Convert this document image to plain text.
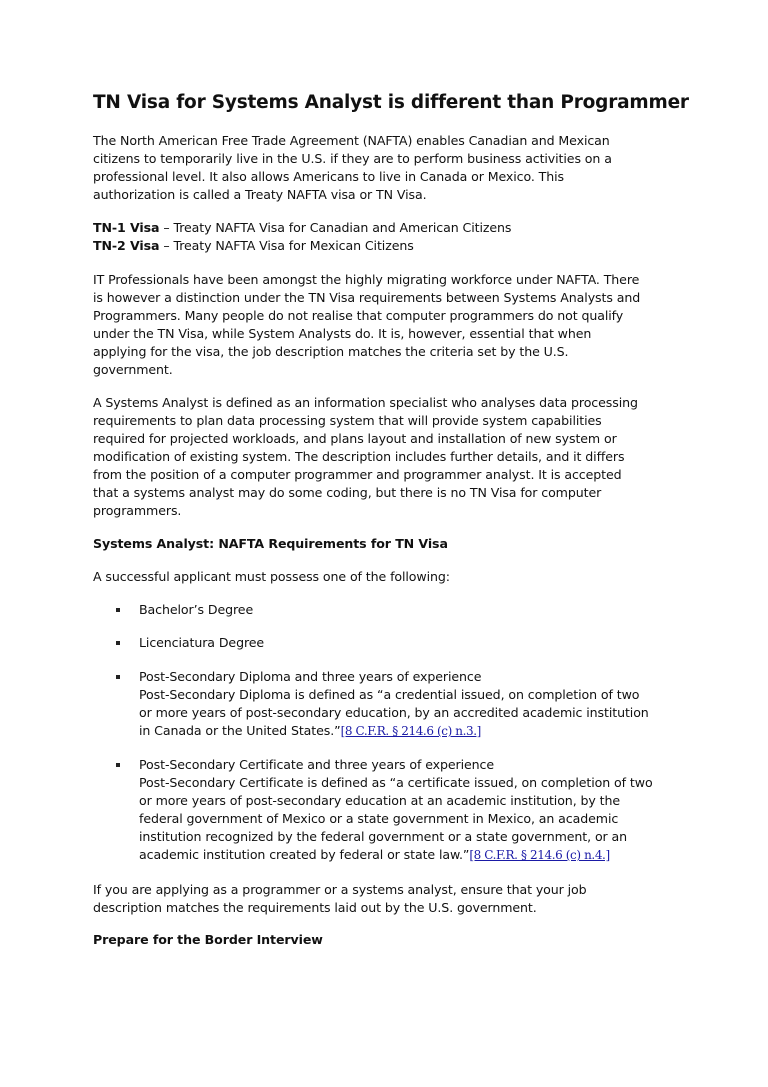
TN Visa for Systems Analyst is different than Programmer
The North American Free Trade Agreement (NAFTA) enables Canadian and Mexican
citizens to temporarily live in the U.S. if they are to perform business activities on a
professional level. It also allows Americans to live in Canada or Mexico. This
authorization is called a Treaty NAFTA visa or TN Visa.
TN-1 Visa – Treaty NAFTA Visa for Canadian and American Citizens
TN-2 Visa – Treaty NAFTA Visa for Mexican Citizens
IT Professionals have been amongst the highly migrating workforce under NAFTA. There
is however a distinction under the TN Visa requirements between Systems Analysts and
Programmers. Many people do not realise that computer programmers do not qualify
under the TN Visa, while System Analysts do. It is, however, essential that when
applying for the visa, the job description matches the criteria set by the U.S.
government.
A Systems Analyst is defined as an information specialist who analyses data processing
requirements to plan data processing system that will provide system capabilities
required for projected workloads, and plans layout and installation of new system or
modification of existing system. The description includes further details, and it differs
from the position of a computer programmer and programmer analyst. It is accepted
that a systems analyst may do some coding, but there is no TN Visa for computer
programmers.
Systems Analyst: NAFTA Requirements for TN Visa
A successful applicant must possess one of the following:
Bachelor’s Degree
Licenciatura Degree
Post-Secondary Diploma and three years of experience
Post-Secondary Diploma is defined as “a credential issued, on completion of two
or more years of post-secondary education, by an accredited academic institution
in Canada or the United States.”[8 C.F.R. § 214.6 (c) n.3.]
Post-Secondary Certificate and three years of experience
Post-Secondary Certificate is defined as “a certificate issued, on completion of two
or more years of post-secondary education at an academic institution, by the
federal government of Mexico or a state government in Mexico, an academic
institution recognized by the federal government or a state government, or an
academic institution created by federal or state law.”[8 C.F.R. § 214.6 (c) n.4.]
If you are applying as a programmer or a systems analyst, ensure that your job
description matches the requirements laid out by the U.S. government.
Prepare for the Border Interview
